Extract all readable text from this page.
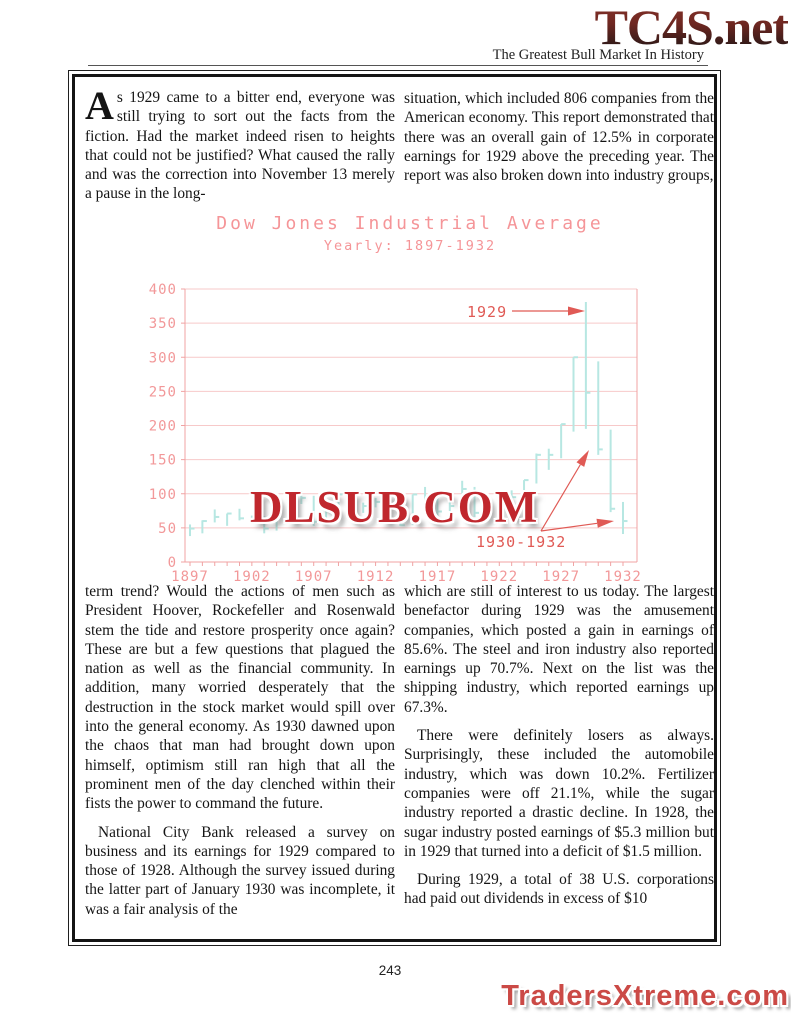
TC4S.net
The Greatest Bull Market In History
Dow Jones Industrial Average
Yearly: 1897-1932
0
50
100
150
200
250
300
350
400
1897 1902 1907 1912 1917 1922 1927 1932
1929
1930-1932
DLSUB.COM

As 1929 came to a bitter end, everyone was still trying to sort out the facts from the fiction. Had the market indeed risen to heights that could not be justified? What caused the rally and was the correction into November 13 merely a pause in the long-

situation, which included 806 companies from the American economy. This report demonstrated that there was an overall gain of 12.5% in corporate earnings for 1929 above the preceding year. The report was also broken down into industry groups,

term trend? Would the actions of men such as President Hoover, Rockefeller and Rosenwald stem the tide and restore prosperity once again? These are but a few questions that plagued the nation as well as the financial community. In addition, many worried desperately that the destruction in the stock market would spill over into the general economy. As 1930 dawned upon the chaos that man had brought down upon himself, optimism still ran high that all the prominent men of the day clenched within their fists the power to command the future.

National City Bank released a survey on business and its earnings for 1929 compared to those of 1928. Although the survey issued during the latter part of January 1930 was incomplete, it was a fair analysis of the

which are still of interest to us today. The largest benefactor during 1929 was the amusement companies, which posted a gain in earnings of 85.6%. The steel and iron industry also reported earnings up 70.7%. Next on the list was the shipping industry, which reported earnings up 67.3%.

There were definitely losers as always. Surprisingly, these included the automobile industry, which was down 10.2%. Fertilizer companies were off 21.1%, while the sugar industry reported a drastic decline. In 1928, the sugar industry posted earnings of $5.3 million but in 1929 that turned into a deficit of $1.5 million.

During 1929, a total of 38 U.S. corporations had paid out dividends in excess of $10

243
TradersXtreme.com
